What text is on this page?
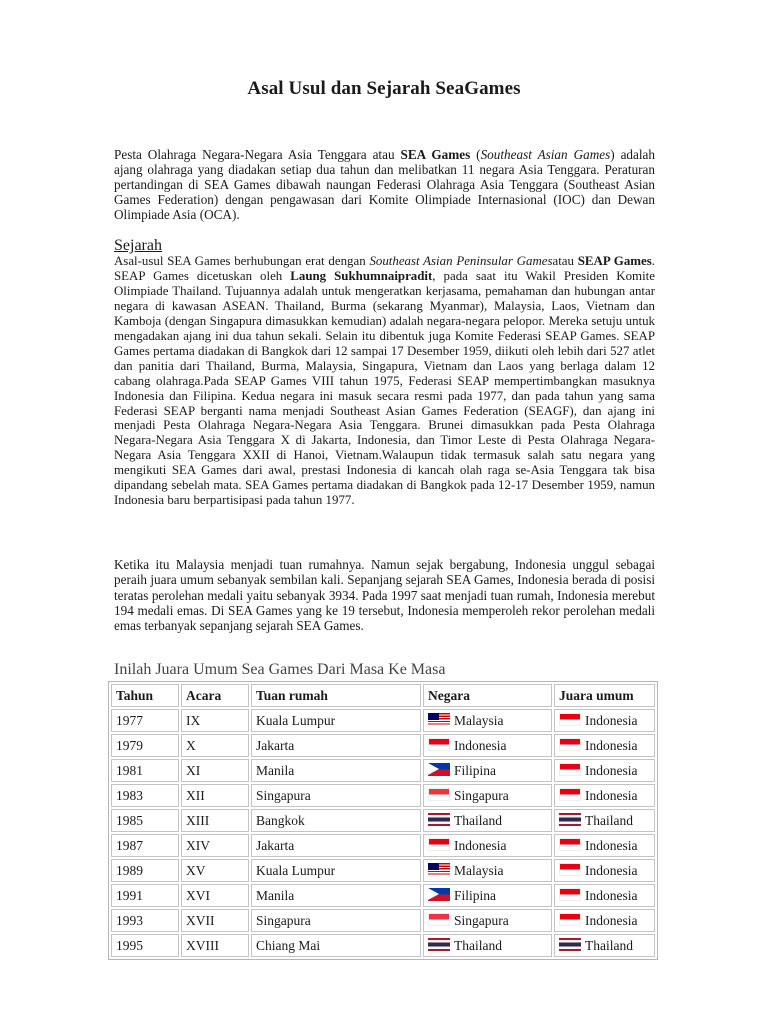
Asal Usul dan Sejarah SeaGames

Pesta Olahraga Negara-Negara Asia Tenggara atau SEA Games (Southeast Asian Games) adalah ajang olahraga yang diadakan setiap dua tahun dan melibatkan 11 negara Asia Tenggara. Peraturan pertandingan di SEA Games dibawah naungan Federasi Olahraga Asia Tenggara (Southeast Asian Games Federation) dengan pengawasan dari Komite Olimpiade Internasional (IOC) dan Dewan Olimpiade Asia (OCA).

Sejarah

Asal-usul SEA Games berhubungan erat dengan Southeast Asian Peninsular Gamesatau SEAP Games. SEAP Games dicetuskan oleh Laung Sukhumnaipradit, pada saat itu Wakil Presiden Komite Olimpiade Thailand. Tujuannya adalah untuk mengeratkan kerjasama, pemahaman dan hubungan antar negara di kawasan ASEAN. Thailand, Burma (sekarang Myanmar), Malaysia, Laos, Vietnam dan Kamboja (dengan Singapura dimasukkan kemudian) adalah negara-negara pelopor. Mereka setuju untuk mengadakan ajang ini dua tahun sekali. Selain itu dibentuk juga Komite Federasi SEAP Games. SEAP Games pertama diadakan di Bangkok dari 12 sampai 17 Desember 1959, diikuti oleh lebih dari 527 atlet dan panitia dari Thailand, Burma, Malaysia, Singapura, Vietnam dan Laos yang berlaga dalam 12 cabang olahraga.Pada SEAP Games VIII tahun 1975, Federasi SEAP mempertimbangkan masuknya Indonesia dan Filipina. Kedua negara ini masuk secara resmi pada 1977, dan pada tahun yang sama Federasi SEAP berganti nama menjadi Southeast Asian Games Federation (SEAGF), dan ajang ini menjadi Pesta Olahraga Negara-Negara Asia Tenggara. Brunei dimasukkan pada Pesta Olahraga Negara-Negara Asia Tenggara X di Jakarta, Indonesia, dan Timor Leste di Pesta Olahraga Negara-Negara Asia Tenggara XXII di Hanoi, Vietnam.Walaupun tidak termasuk salah satu negara yang mengikuti SEA Games dari awal, prestasi Indonesia di kancah olah raga se-Asia Tenggara tak bisa dipandang sebelah mata. SEA Games pertama diadakan di Bangkok pada 12-17 Desember 1959, namun Indonesia baru berpartisipasi pada tahun 1977.

Ketika itu Malaysia menjadi tuan rumahnya. Namun sejak bergabung, Indonesia unggul sebagai peraih juara umum sebanyak sembilan kali. Sepanjang sejarah SEA Games, Indonesia berada di posisi teratas perolehan medali yaitu sebanyak 3934. Pada 1997 saat menjadi tuan rumah, Indonesia merebut 194 medali emas. Di SEA Games yang ke 19 tersebut, Indonesia memperoleh rekor perolehan medali emas terbanyak sepanjang sejarah SEA Games.

Inilah Juara Umum Sea Games Dari Masa Ke Masa
Tahun	Acara	Tuan rumah	Negara	Juara umum
1977	IX	Kuala Lumpur	Malaysia	Indonesia
1979	X	Jakarta	Indonesia	Indonesia
1981	XI	Manila	Filipina	Indonesia
1983	XII	Singapura	Singapura	Indonesia
1985	XIII	Bangkok	Thailand	Thailand
1987	XIV	Jakarta	Indonesia	Indonesia
1989	XV	Kuala Lumpur	Malaysia	Indonesia
1991	XVI	Manila	Filipina	Indonesia
1993	XVII	Singapura	Singapura	Indonesia
1995	XVIII	Chiang Mai	Thailand	Thailand
